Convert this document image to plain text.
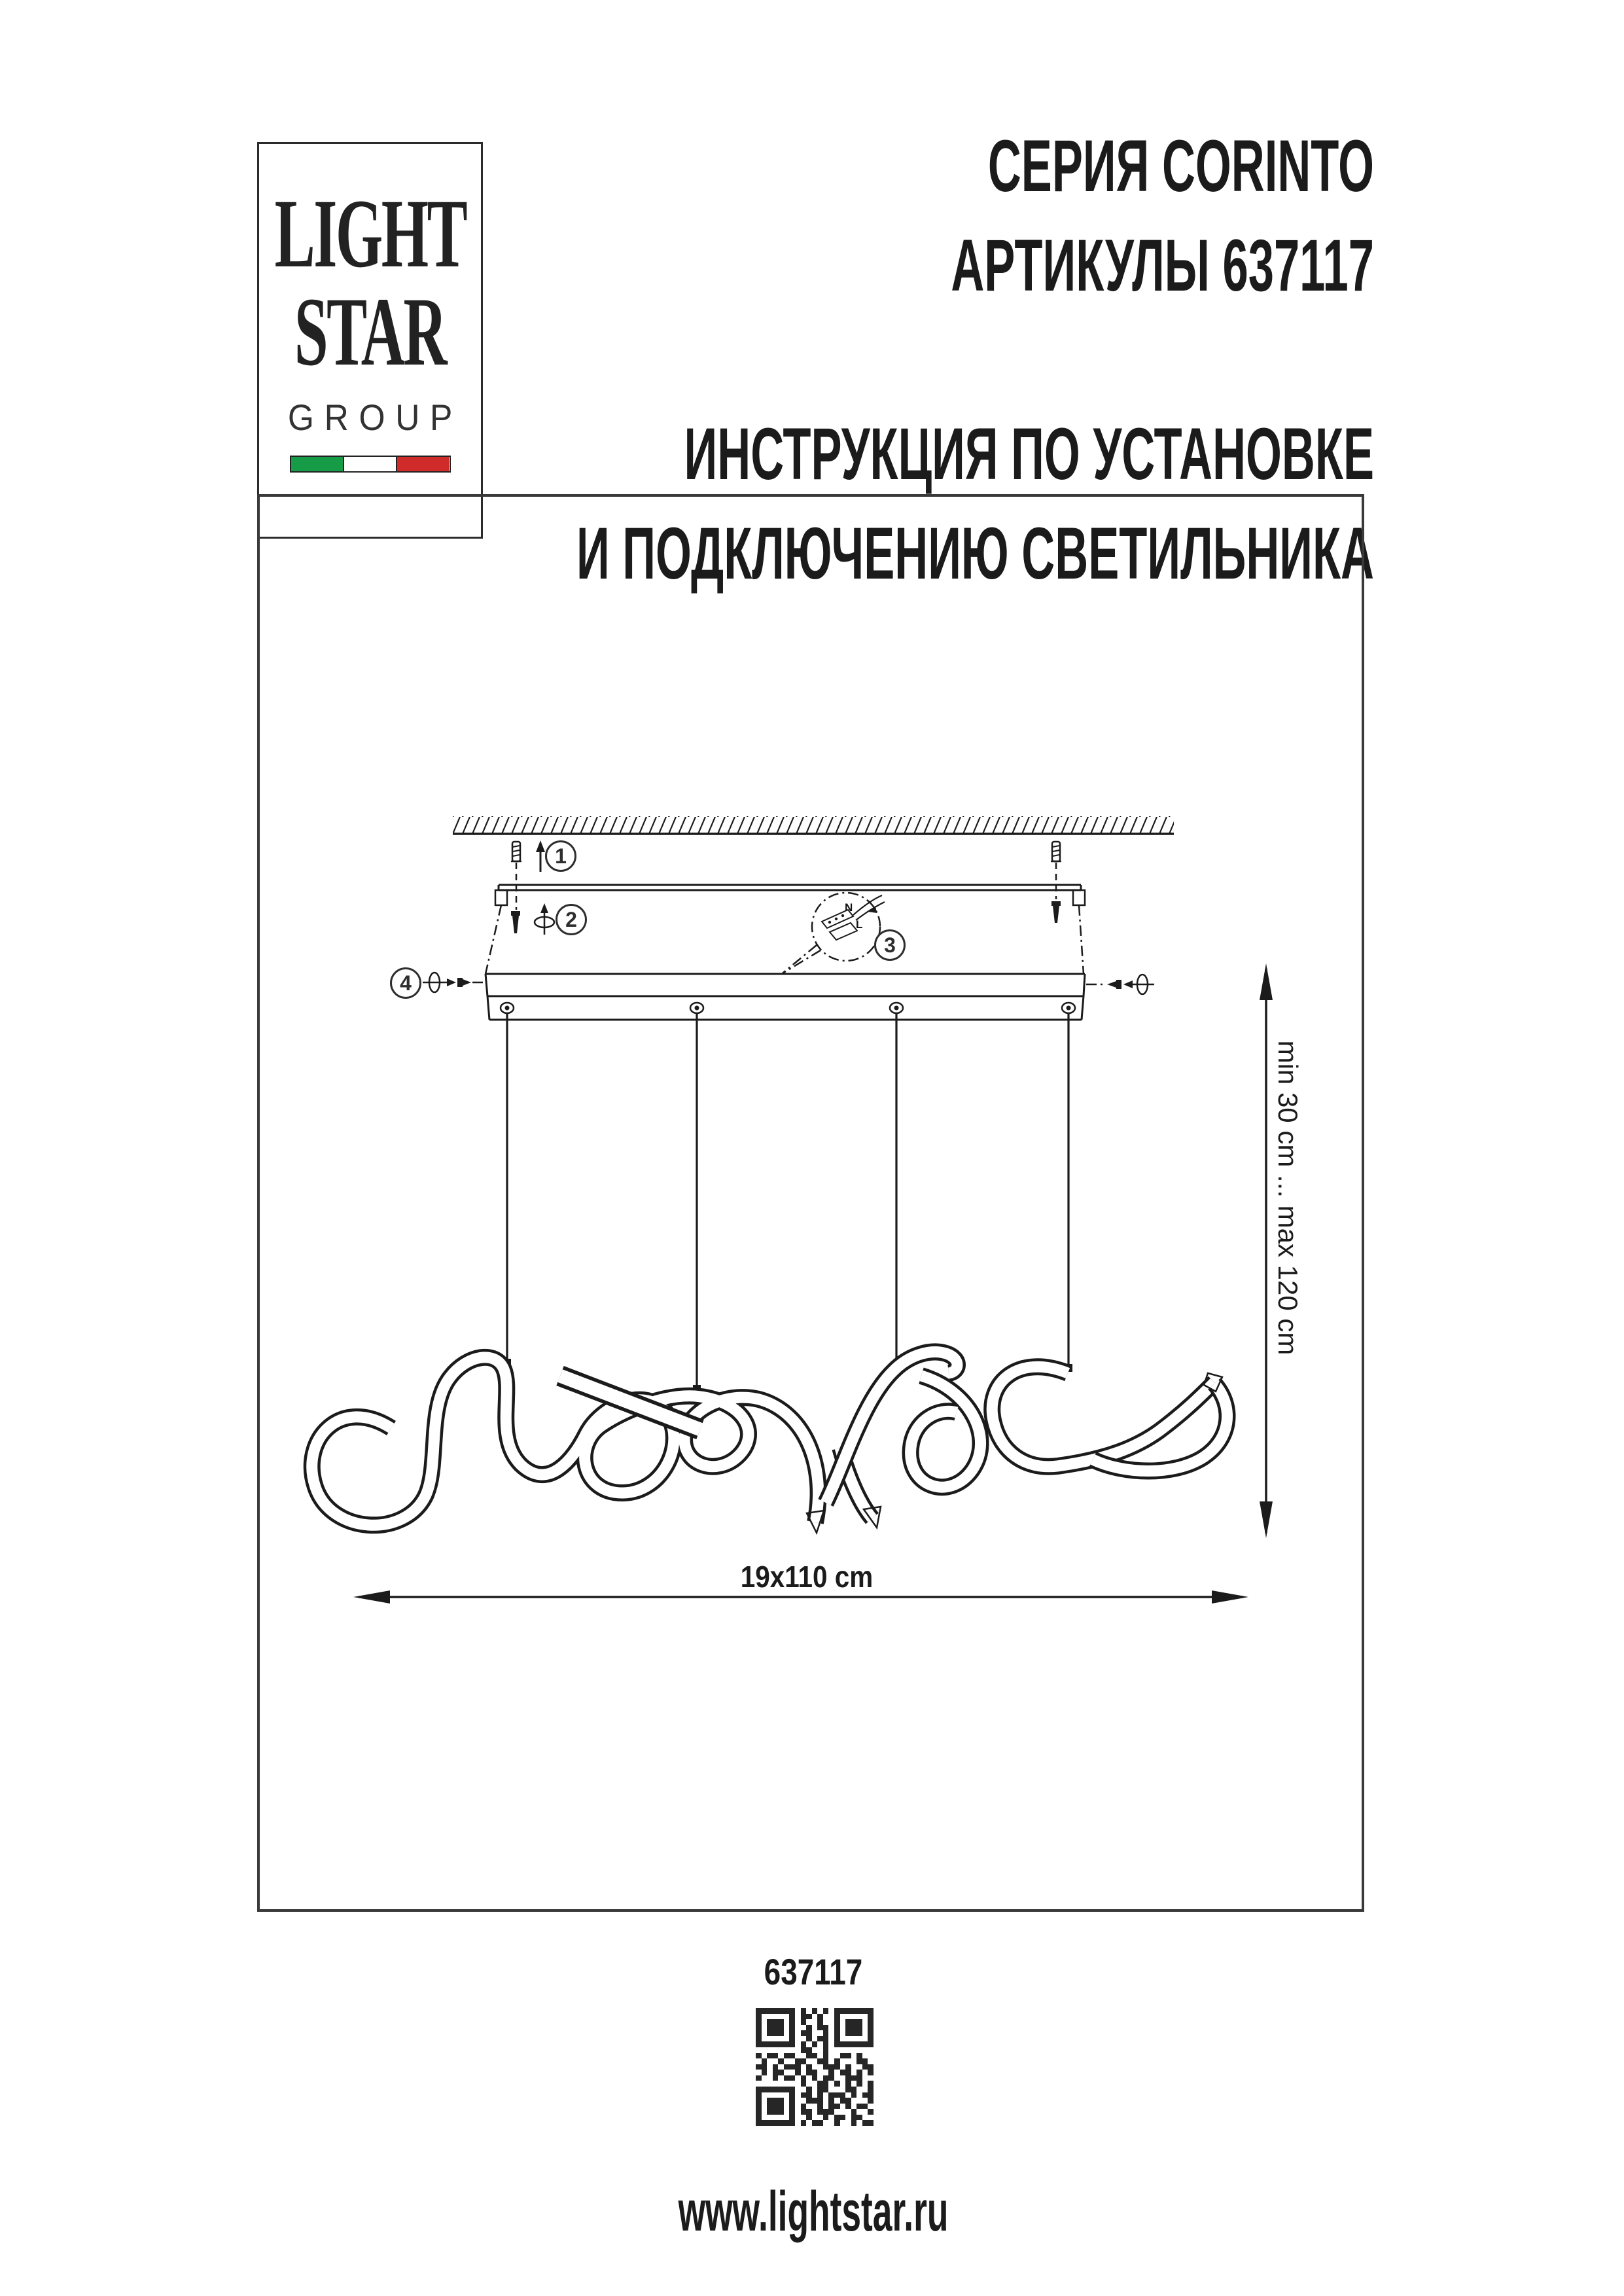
LIGHT
STAR
GROUP
СЕРИЯ CORINTO
АРТИКУЛЫ 637117
ИНСТРУКЦИЯ ПО УСТАНОВКЕ
И ПОДКЛЮЧЕНИЮ СВЕТИЛЬНИКА
1
2
3
4
N
L
19x110 cm
min 30 cm ... max 120 cm
637117
www.lightstar.ru
